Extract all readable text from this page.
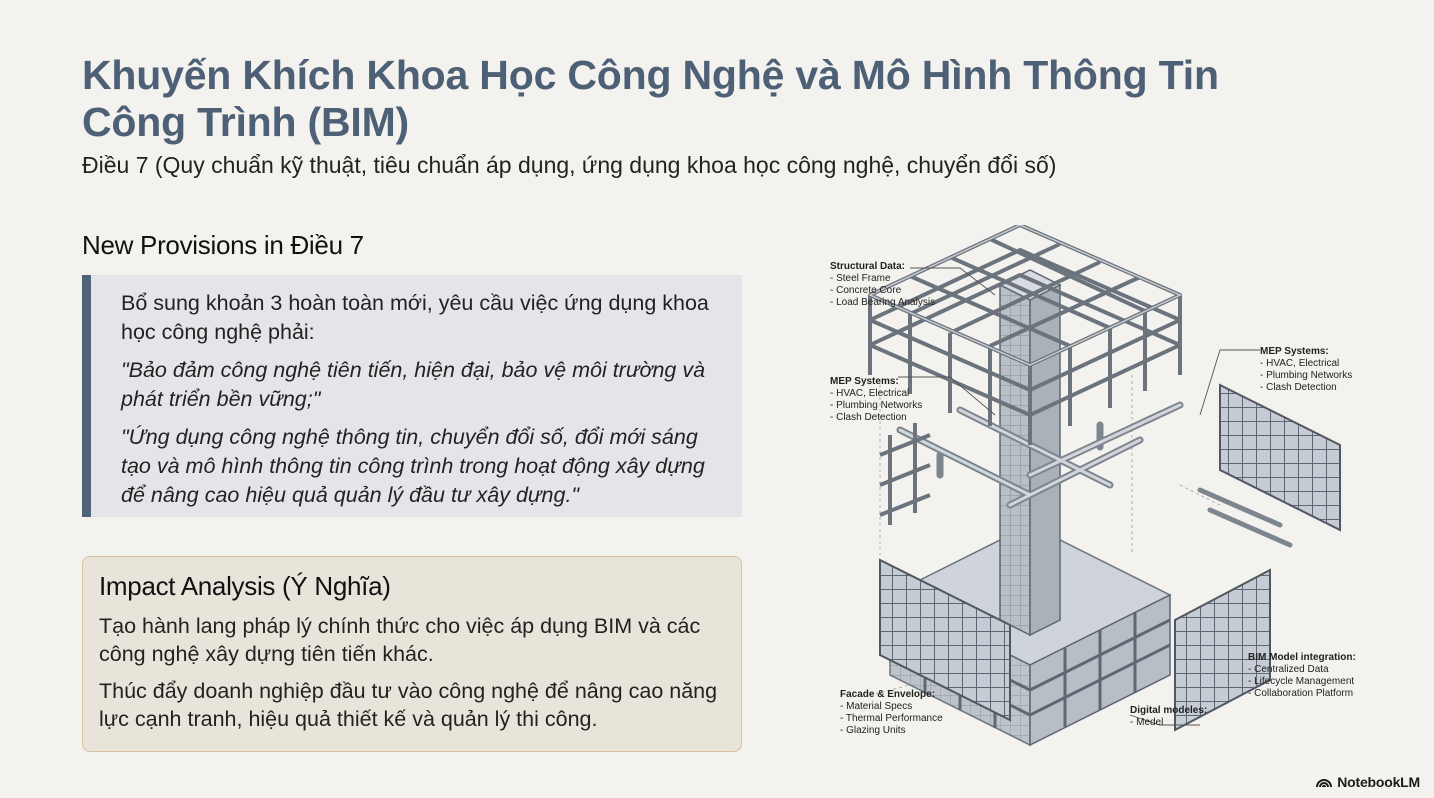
Khuyến Khích Khoa Học Công Nghệ và Mô Hình Thông Tin Công Trình (BIM)

Điều 7 (Quy chuẩn kỹ thuật, tiêu chuẩn áp dụng, ứng dụng khoa học công nghệ, chuyển đổi số)

New Provisions in Điều 7

Bổ sung khoản 3 hoàn toàn mới, yêu cầu việc ứng dụng khoa học công nghệ phải:

"Bảo đảm công nghệ tiên tiến, hiện đại, bảo vệ môi trường và phát triển bền vững;"

"Ứng dụng công nghệ thông tin, chuyển đổi số, đổi mới sáng tạo và mô hình thông tin công trình trong hoạt động xây dựng để nâng cao hiệu quả quản lý đầu tư xây dựng."

Impact Analysis (Ý Nghĩa)

Tạo hành lang pháp lý chính thức cho việc áp dụng BIM và các công nghệ xây dựng tiên tiến khác.

Thúc đẩy doanh nghiệp đầu tư vào công nghệ để nâng cao năng lực cạnh tranh, hiệu quả thiết kế và quản lý thi công.

Structural Data:
- Steel Frame
- Concrete Core
- Load Bearing Analysis
MEP Systems:
- HVAC, Electrical
- Plumbing Networks
- Clash Detection
MEP Systems:
- HVAC, Electrical
- Plumbing Networks
- Clash Detection
BIM Model integration:
- Centralized Data
- Lifecycle Management
- Collaboration Platform
Facade & Envelope:
- Material Specs
- Thermal Performance
- Glazing Units
Digital modeles:
- Medel
NotebookLM
